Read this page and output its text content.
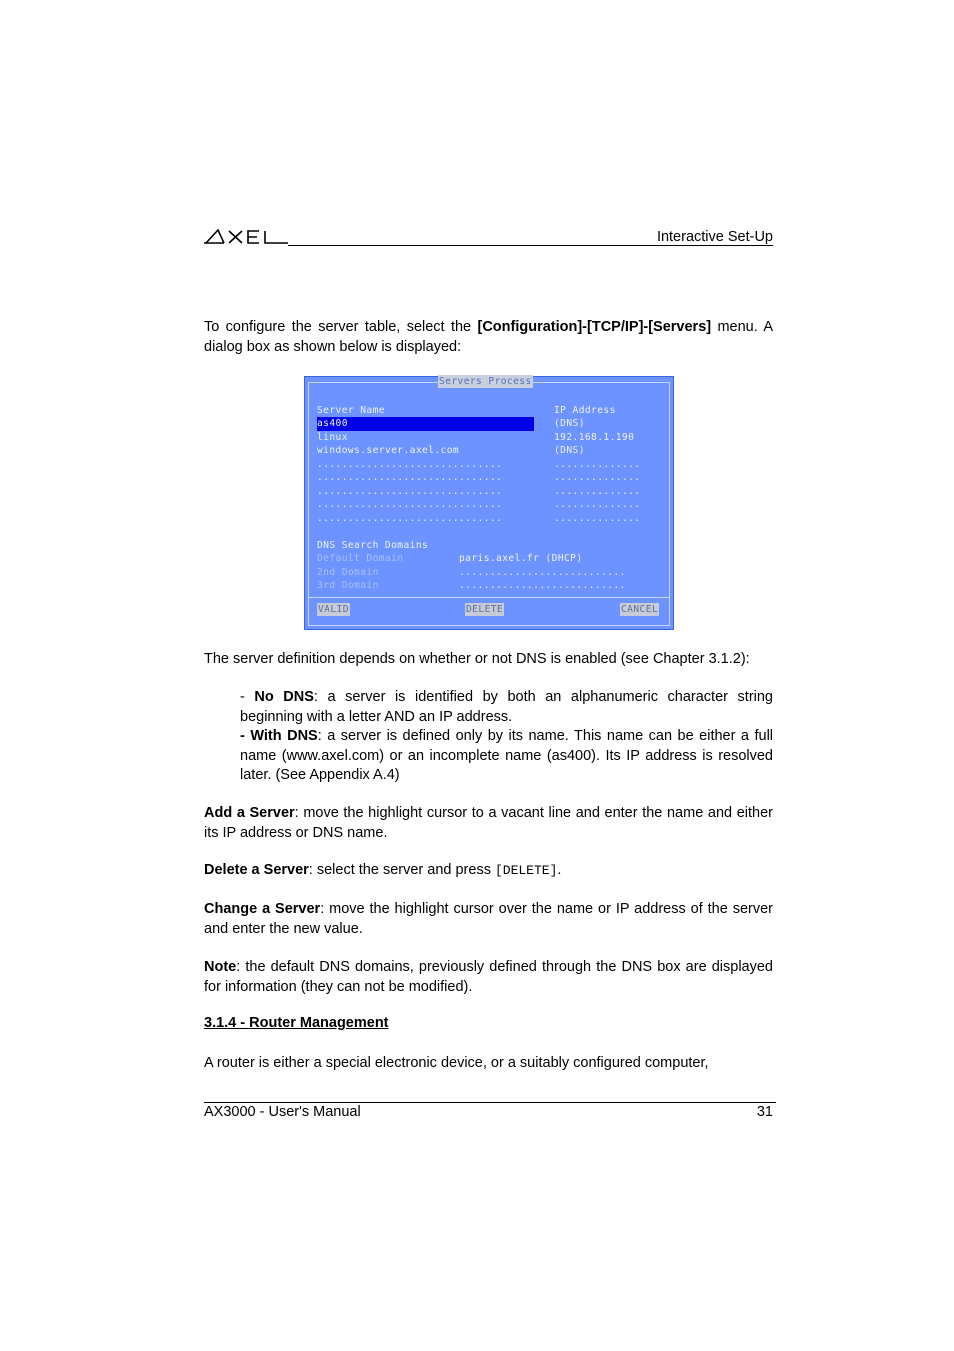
Interactive Set-Up
To configure the server table, select the [Configuration]-[TCP/IP]-[Servers] menu. A dialog box as shown below is displayed:
Servers Process
Server Name	IP Address
as400	(DNS)
linux	192.168.1.190
windows.server.axel.com	(DNS)
..............................	..............
..............................	..............
..............................	..............
..............................	..............
..............................	..............
DNS Search Domains
Default Domain	paris.axel.fr (DHCP)
2nd Domain	...........................
3rd Domain	...........................
VALID	DELETE	CANCEL
The server definition depends on whether or not DNS is enabled (see Chapter 3.1.2):
- No DNS: a server is identified by both an alphanumeric character string beginning with a letter AND an IP address.
- With DNS: a server is defined only by its name. This name can be either a full name (www.axel.com) or an incomplete name (as400). Its IP address is resolved later. (See Appendix A.4)
Add a Server: move the highlight cursor to a vacant line and enter the name and either its IP address or DNS name.
Delete a Server: select the server and press [DELETE].
Change a Server: move the highlight cursor over the name or IP address of the server and enter the new value.
Note: the default DNS domains, previously defined through the DNS box are displayed for information (they can not be modified).
3.1.4 - Router Management
A router is either a special electronic device, or a suitably configured computer,
AX3000 - User's Manual	31
